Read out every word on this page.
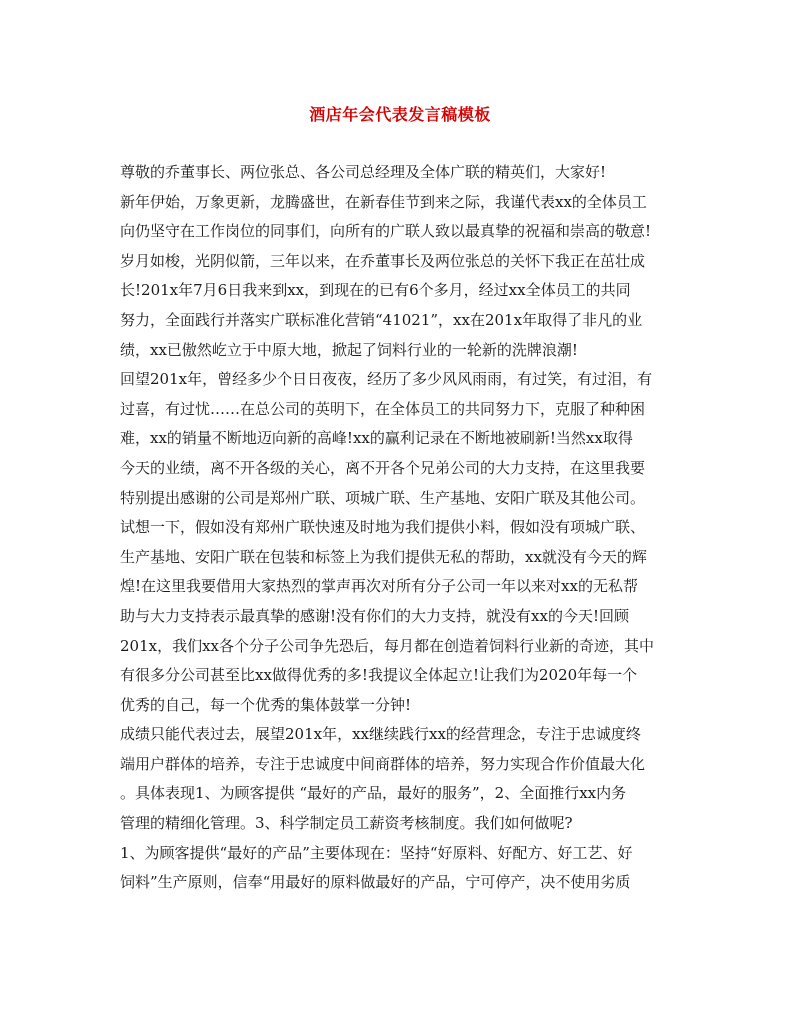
酒店年会代表发言稿模板
尊敬的乔董事长、两位张总、各公司总经理及全体广联的精英们，大家好!
新年伊始，万象更新，龙腾盛世，在新春佳节到来之际，我谨代表xx的全体员工
向仍坚守在工作岗位的同事们，向所有的广联人致以最真挚的祝福和崇高的敬意!
岁月如梭，光阴似箭，三年以来，在乔董事长及两位张总的关怀下我正在茁壮成
长!201x年7月6日我来到xx，到现在的已有6个多月，经过xx全体员工的共同
努力，全面践行并落实广联标准化营销“41021”，xx在201x年取得了非凡的业
绩，xx已傲然屹立于中原大地，掀起了饲料行业的一轮新的洗牌浪潮!
回望201x年，曾经多少个日日夜夜，经历了多少风风雨雨，有过笑，有过泪，有
过喜，有过忧……在总公司的英明下，在全体员工的共同努力下，克服了种种困
难，xx的销量不断地迈向新的高峰!xx的赢利记录在不断地被刷新!当然xx取得
今天的业绩，离不开各级的关心，离不开各个兄弟公司的大力支持，在这里我要
特别提出感谢的公司是郑州广联、项城广联、生产基地、安阳广联及其他公司。
试想一下，假如没有郑州广联快速及时地为我们提供小料，假如没有项城广联、
生产基地、安阳广联在包装和标签上为我们提供无私的帮助，xx就没有今天的辉
煌!在这里我要借用大家热烈的掌声再次对所有分子公司一年以来对xx的无私帮
助与大力支持表示最真挚的感谢!没有你们的大力支持，就没有xx的今天!回顾
201x，我们xx各个分子公司争先恐后，每月都在创造着饲料行业新的奇迹，其中
有很多分公司甚至比xx做得优秀的多!我提议全体起立!让我们为2020年每一个
优秀的自己，每一个优秀的集体鼓掌一分钟!
成绩只能代表过去，展望201x年，xx继续践行xx的经营理念，专注于忠诚度终
端用户群体的培养，专注于忠诚度中间商群体的培养，努力实现合作价值最大化
。具体表现1、为顾客提供 “最好的产品，最好的服务”，2、全面推行xx内务
管理的精细化管理。3、科学制定员工薪资考核制度。我们如何做呢?
1、为顾客提供“最好的产品”主要体现在：坚持“好原料、好配方、好工艺、好
饲料”生产原则，信奉“用最好的原料做最好的产品，宁可停产，决不使用劣质
